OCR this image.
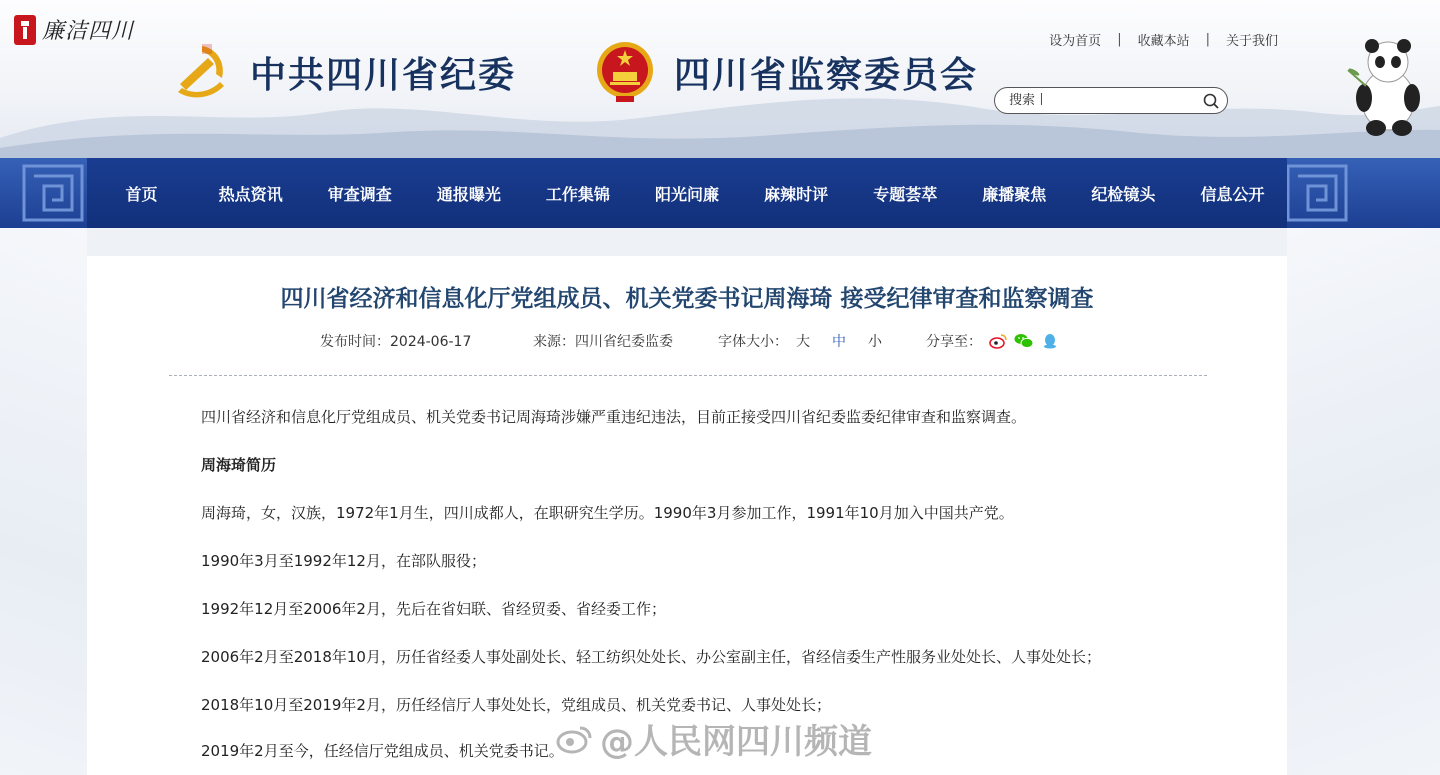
廉洁四川
中共四川省纪委	四川省监察委员会
设为首页 | 收藏本站 | 关于我们
搜索丨
首页	热点资讯	审查调查	通报曝光	工作集锦	阳光问廉	麻辣时评	专题荟萃	廉播聚焦	纪检镜头	信息公开
四川省经济和信息化厅党组成员、机关党委书记周海琦 接受纪律审查和监察调查
发布时间：2024-06-17	来源：四川省纪委监委	字体大小： 大 中 小	分享至：

四川省经济和信息化厅党组成员、机关党委书记周海琦涉嫌严重违纪违法，目前正接受四川省纪委监委纪律审查和监察调查。

周海琦简历

周海琦，女，汉族，1972年1月生，四川成都人，在职研究生学历。1990年3月参加工作，1991年10月加入中国共产党。

1990年3月至1992年12月，在部队服役；

1992年12月至2006年2月，先后在省妇联、省经贸委、省经委工作；

2006年2月至2018年10月，历任省经委人事处副处长、轻工纺织处处长、办公室副主任，省经信委生产性服务业处处长、人事处处长；

2018年10月至2019年2月，历任经信厅人事处处长，党组成员、机关党委书记、人事处处长；

2019年2月至今，任经信厅党组成员、机关党委书记。 @人民网四川频道
